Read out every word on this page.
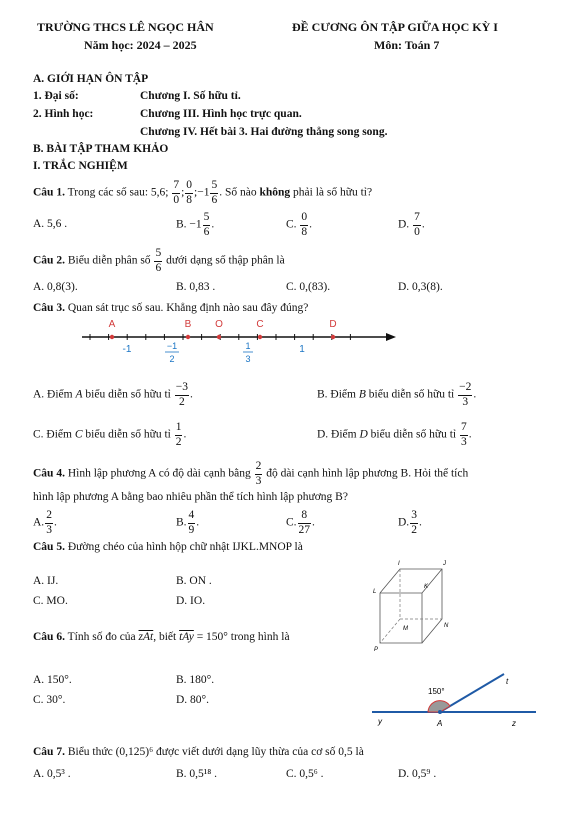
TRƯỜNG THCS LÊ NGỌC HÂN
Năm học: 2024 – 2025
ĐỀ CƯƠNG ÔN TẬP GIỮA HỌC KỲ I
Môn: Toán 7
A. GIỚI HẠN ÔN TẬP
1. Đại số:	Chương I. Số hữu tỉ.
2. Hình học:	Chương III. Hình học trực quan.
Chương IV. Hết bài 3. Hai đường thẳng song song.
B. BÀI TẬP THAM KHẢO
I. TRẮC NGHIỆM
Câu 1. Trong các số sau: 5,6; $\frac{7}{0}$ ; $\frac{0}{8}$ ;−1 $\frac{5}{6}$ . Số nào không phải là số hữu tỉ?
A. 5,6 .	B. $-1 \frac{5}{6}$ .	C. $\frac{0}{8}$ .	D. $\frac{7}{0}$ .
Câu 2. Biểu diễn phân số $\frac{5}{6}$ dưới dạng số thập phân là
A. 0,8(3).	B. 0,83 .	C. 0,(83).	D. 0,3(8).
Câu 3. Quan sát trục số sau. Khẳng định nào sau đây đúng?
A	B O	C	D
-1	1
−1
2
1
3
A. Điểm A biểu diễn số hữu tỉ $\frac{-3}{2}$ .	B. Điểm B biểu diễn số hữu tỉ $\frac{-2}{3}$ .
C. Điểm C biểu diễn số hữu tỉ $\frac{1}{2}$ .	D. Điểm D biểu diễn số hữu tỉ $\frac{7}{3}$ .
Câu 4. Hình lập phương A có độ dài cạnh bằng $\frac{2}{3}$ độ dài cạnh hình lập phương B. Hỏi thể tích
hình lập phương A bằng bao nhiêu phần thể tích hình lập phương B?
A. $\frac{2}{3}$ .	B. $\frac{4}{9}$ .	C. $\frac{8}{27}$ .	D. $\frac{3}{2}$ .
Câu 5. Đường chéo của hình hộp chữ nhật IJKL.MNOP là
A. IJ.	B. ON .
C. MO.	D. IO.
I	J
K
L
M	N
P
Câu 6. Tính số đo của $\overline{zAt}$, biết $\overline{tAy} = 150^\circ$ trong hình là
A. 150°.	B. 180°.
C. 30°.	D. 80°.
150°
t
y	A	z
Câu 7. Biểu thức (0,125)⁶ được viết dưới dạng lũy thừa của cơ số 0,5 là
A. 0,5³ .	B. 0,5¹⁸ .	C. 0,5⁶ .	D. 0,5⁹ .
